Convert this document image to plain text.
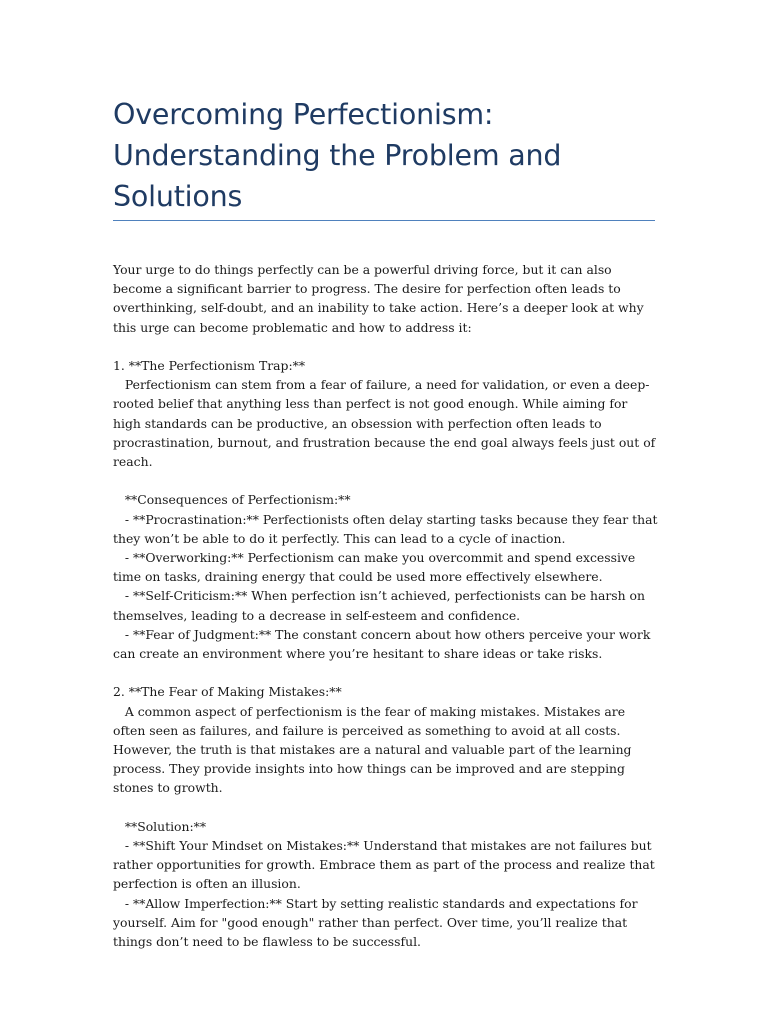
Overcoming Perfectionism: Understanding the Problem and Solutions

Your urge to do things perfectly can be a powerful driving force, but it can also become a significant barrier to progress. The desire for perfection often leads to overthinking, self-doubt, and an inability to take action. Here’s a deeper look at why this urge can become problematic and how to address it:

1. **The Perfectionism Trap:**

Perfectionism can stem from a fear of failure, a need for validation, or even a deep-rooted belief that anything less than perfect is not good enough. While aiming for high standards can be productive, an obsession with perfection often leads to procrastination, burnout, and frustration because the end goal always feels just out of reach.

**Consequences of Perfectionism:**

- **Procrastination:** Perfectionists often delay starting tasks because they fear that they won’t be able to do it perfectly. This can lead to a cycle of inaction.

- **Overworking:** Perfectionism can make you overcommit and spend excessive time on tasks, draining energy that could be used more effectively elsewhere.

- **Self-Criticism:** When perfection isn’t achieved, perfectionists can be harsh on themselves, leading to a decrease in self-esteem and confidence.

- **Fear of Judgment:** The constant concern about how others perceive your work can create an environment where you’re hesitant to share ideas or take risks.

2. **The Fear of Making Mistakes:**

A common aspect of perfectionism is the fear of making mistakes. Mistakes are often seen as failures, and failure is perceived as something to avoid at all costs. However, the truth is that mistakes are a natural and valuable part of the learning process. They provide insights into how things can be improved and are stepping stones to growth.

**Solution:**

- **Shift Your Mindset on Mistakes:** Understand that mistakes are not failures but rather opportunities for growth. Embrace them as part of the process and realize that perfection is often an illusion.

- **Allow Imperfection:** Start by setting realistic standards and expectations for yourself. Aim for "good enough" rather than perfect. Over time, you’ll realize that things don’t need to be flawless to be successful.
